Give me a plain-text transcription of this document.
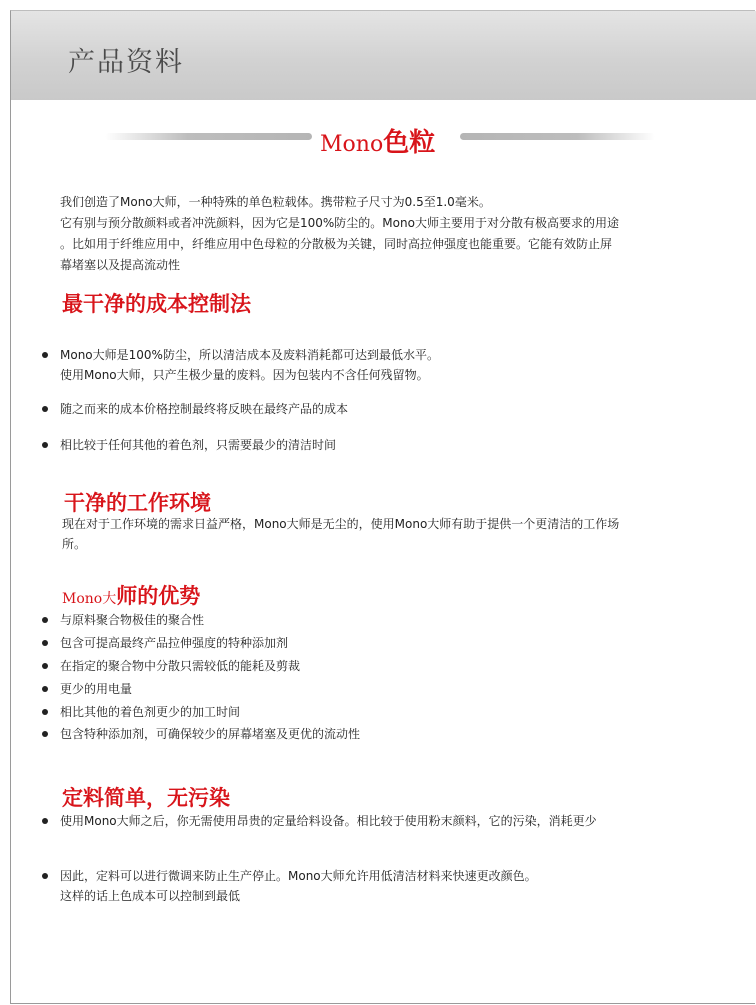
产品资料
Mono色粒
我们创造了Mono大师，一种特殊的单色粒载体。携带粒子尺寸为0.5至1.0毫米。
它有别与预分散颜料或者冲洗颜料，因为它是100%防尘的。Mono大师主要用于对分散有极高要求的用途
。比如用于纤维应用中，纤维应用中色母粒的分散极为关键，同时高拉伸强度也能重要。它能有效防止屏
幕堵塞以及提高流动性
最干净的成本控制法
Mono大师是100%防尘，所以清洁成本及废料消耗都可达到最低水平。
使用Mono大师，只产生极少量的废料。因为包装内不含任何残留物。
随之而来的成本价格控制最终将反映在最终产品的成本
相比较于任何其他的着色剂，只需要最少的清洁时间
干净的工作环境
现在对于工作环境的需求日益严格，Mono大师是无尘的，使用Mono大师有助于提供一个更清洁的工作场
所。
Mono大师的优势
与原料聚合物极佳的聚合性
包含可提高最终产品拉伸强度的特种添加剂
在指定的聚合物中分散只需较低的能耗及剪裁
更少的用电量
相比其他的着色剂更少的加工时间
包含特种添加剂，可确保较少的屏幕堵塞及更优的流动性
定料简单，无污染
使用Mono大师之后，你无需使用昂贵的定量给料设备。相比较于使用粉末颜料，它的污染，消耗更少
因此，定料可以进行微调来防止生产停止。Mono大师允许用低清洁材料来快速更改颜色。
这样的话上色成本可以控制到最低
